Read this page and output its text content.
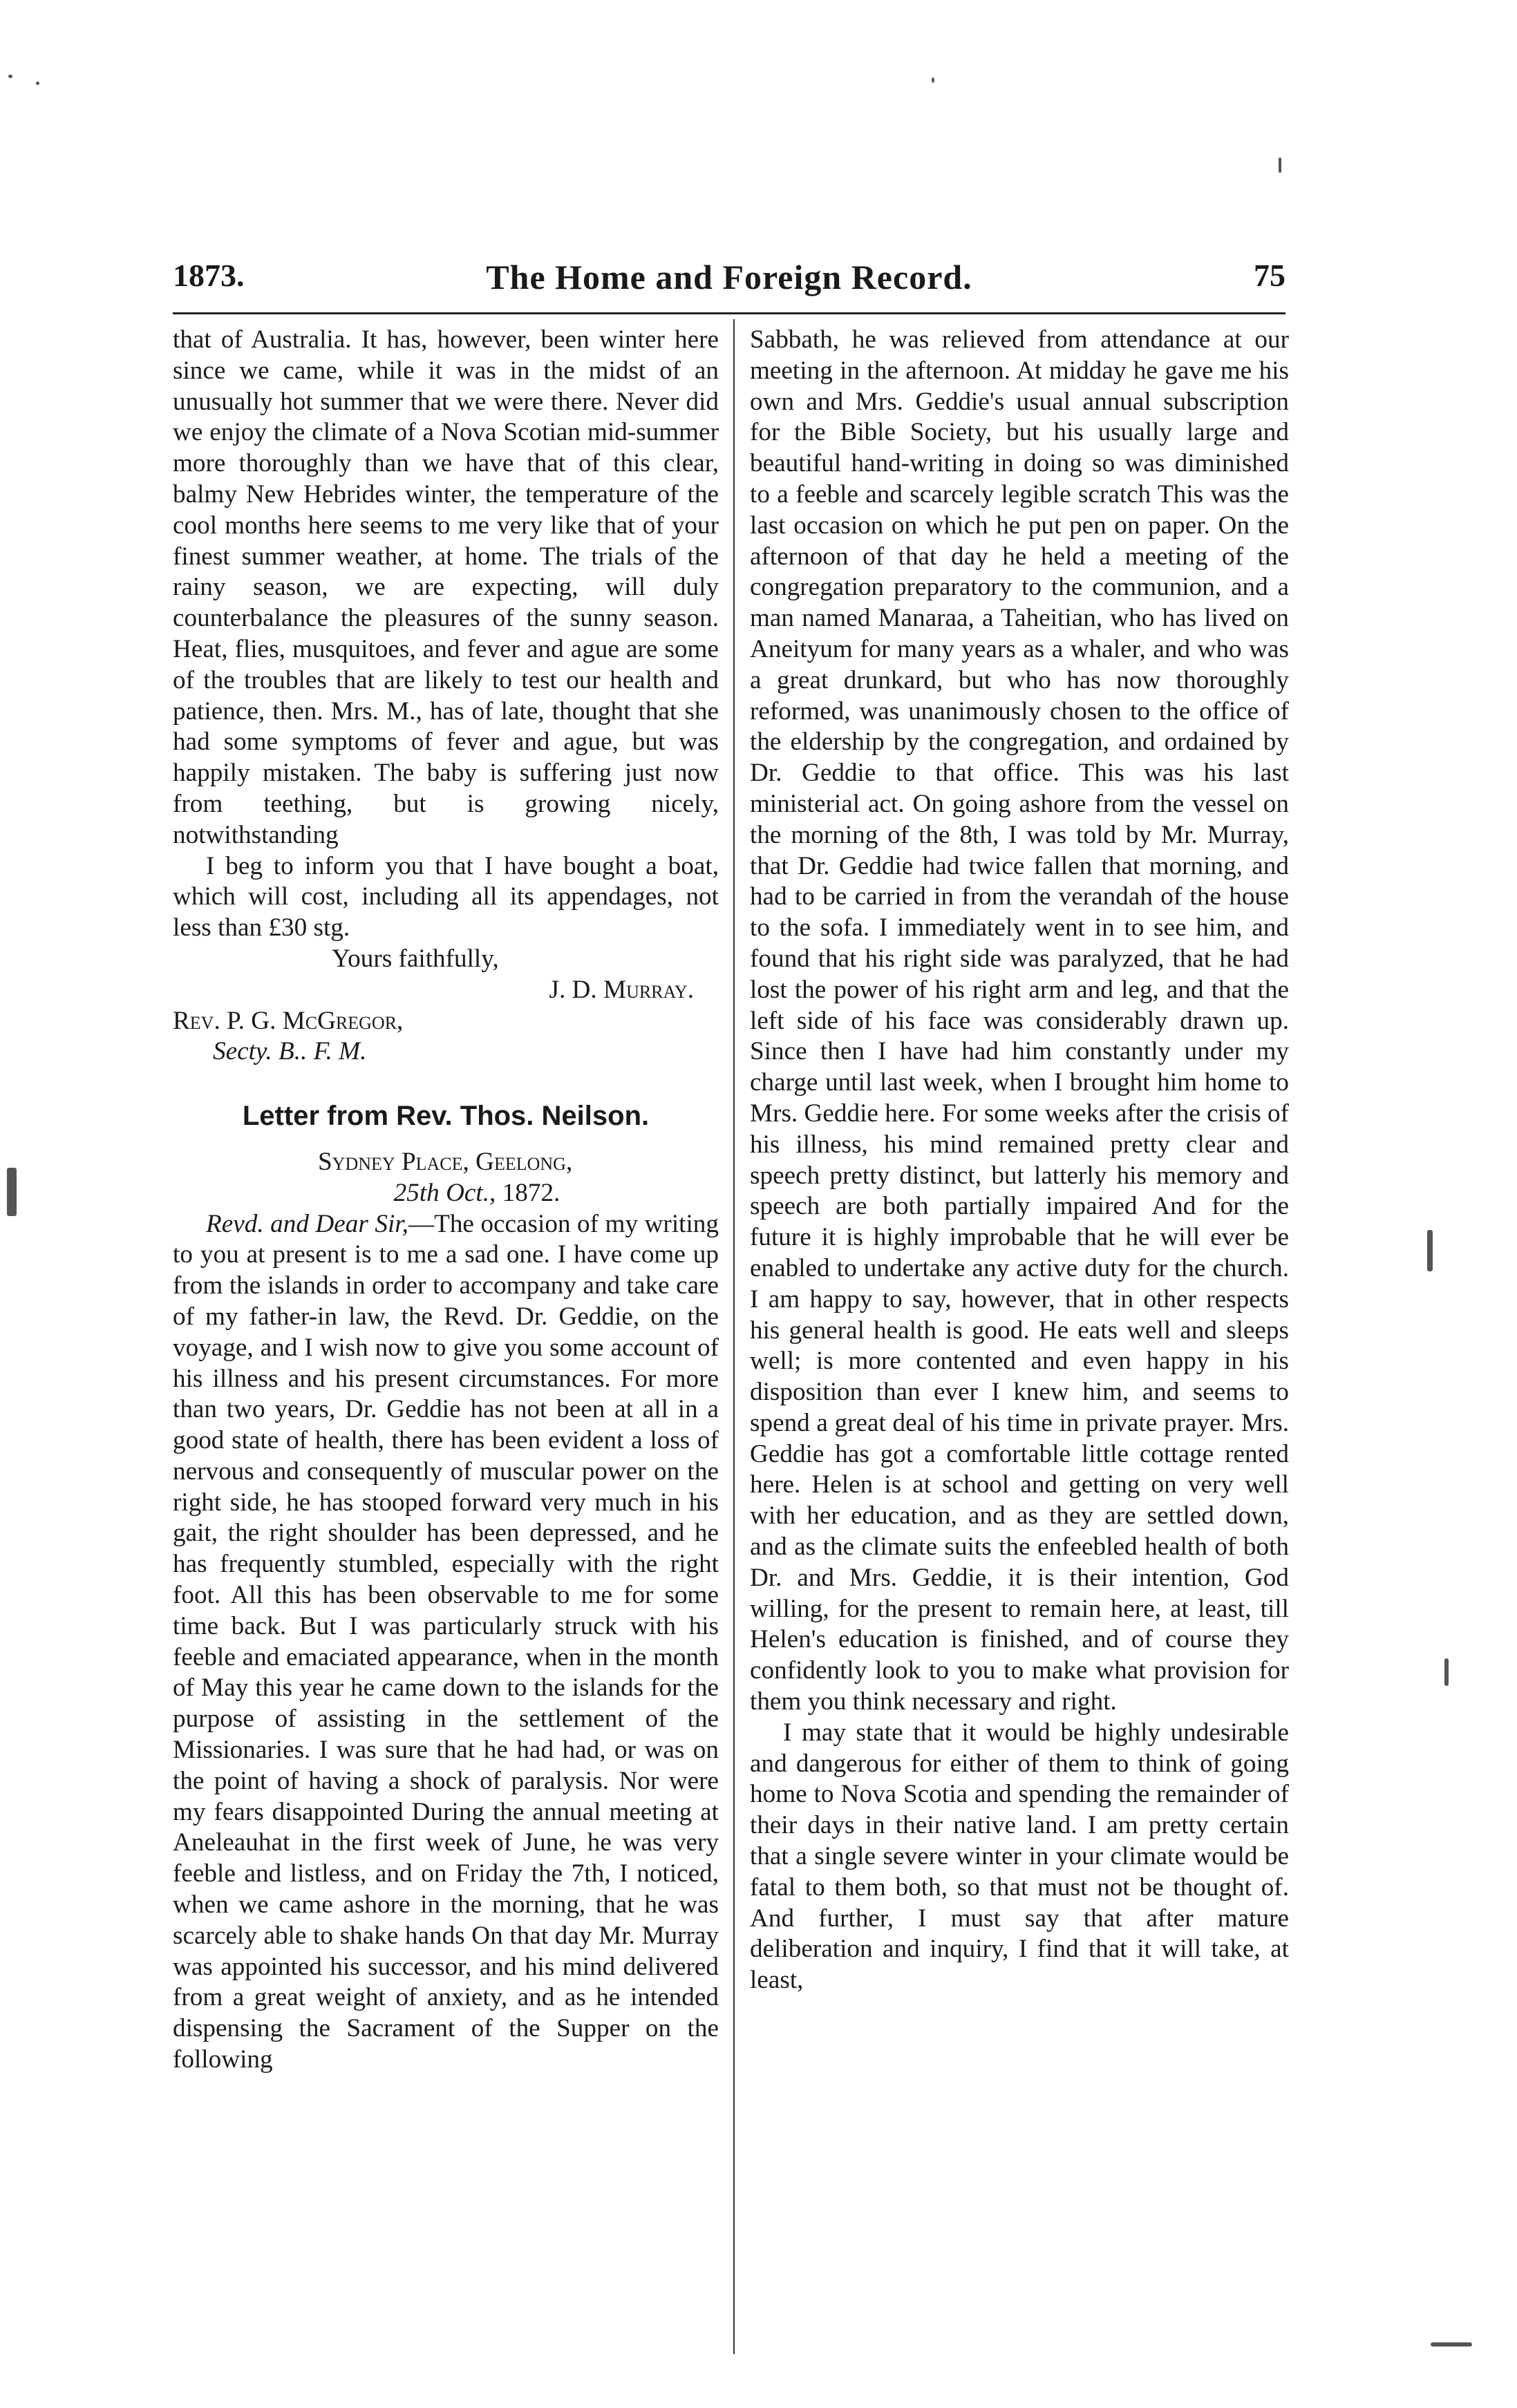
1873.	The Home and Foreign Record.	75

that of Australia. It has, however, been winter here since we came, while it was in the midst of an unusually hot summer that we were there. Never did we enjoy the climate of a Nova Scotian mid-summer more thoroughly than we have that of this clear, balmy New Hebrides winter, the temperature of the cool months here seems to me very like that of your finest summer weather, at home. The trials of the rainy season, we are expecting, will duly counterbalance the pleasures of the sunny season. Heat, flies, musquitoes, and fever and ague are some of the troubles that are likely to test our health and patience, then. Mrs. M., has of late, thought that she had some symptoms of fever and ague, but was happily mistaken. The baby is suffering just now from teething, but is growing nicely, notwithstanding

I beg to inform you that I have bought a boat, which will cost, including all its appendages, not less than £30 stg.

Yours faithfully,

J. D. Murray.

Rev. P. G. McGregor,

Secty. B.. F. M.

Letter from Rev. Thos. Neilson.

Sydney Place, Geelong,

25th Oct., 1872.

Revd. and Dear Sir,—The occasion of my writing to you at present is to me a sad one. I have come up from the islands in order to accompany and take care of my father-in law, the Revd. Dr. Geddie, on the voyage, and I wish now to give you some account of his illness and his present circumstances. For more than two years, Dr. Geddie has not been at all in a good state of health, there has been evident a loss of nervous and consequently of muscular power on the right side, he has stooped forward very much in his gait, the right shoulder has been depressed, and he has frequently stumbled, especially with the right foot. All this has been observable to me for some time back. But I was particularly struck with his feeble and emaciated appearance, when in the month of May this year he came down to the islands for the purpose of assisting in the settlement of the Missionaries. I was sure that he had had, or was on the point of having a shock of paralysis. Nor were my fears disappointed During the annual meeting at Aneleauhat in the first week of June, he was very feeble and listless, and on Friday the 7th, I noticed, when we came ashore in the morning, that he was scarcely able to shake hands On that day Mr. Murray was appointed his successor, and his mind delivered from a great weight of anxiety, and as he intended dispensing the Sacrament of the Supper on the following

Sabbath, he was relieved from attendance at our meeting in the afternoon. At midday he gave me his own and Mrs. Geddie's usual annual subscription for the Bible Society, but his usually large and beautiful hand-writing in doing so was diminished to a feeble and scarcely legible scratch This was the last occasion on which he put pen on paper. On the afternoon of that day he held a meeting of the congregation preparatory to the communion, and a man named Manaraa, a Taheitian, who has lived on Aneityum for many years as a whaler, and who was a great drunkard, but who has now thoroughly reformed, was unanimously chosen to the office of the eldership by the congregation, and ordained by Dr. Geddie to that office. This was his last ministerial act. On going ashore from the vessel on the morning of the 8th, I was told by Mr. Murray, that Dr. Geddie had twice fallen that morning, and had to be carried in from the verandah of the house to the sofa. I immediately went in to see him, and found that his right side was paralyzed, that he had lost the power of his right arm and leg, and that the left side of his face was considerably drawn up. Since then I have had him constantly under my charge until last week, when I brought him home to Mrs. Geddie here. For some weeks after the crisis of his illness, his mind remained pretty clear and speech pretty distinct, but latterly his memory and speech are both partially impaired And for the future it is highly improbable that he will ever be enabled to undertake any active duty for the church. I am happy to say, however, that in other respects his general health is good. He eats well and sleeps well; is more contented and even happy in his disposition than ever I knew him, and seems to spend a great deal of his time in private prayer. Mrs. Geddie has got a comfortable little cottage rented here. Helen is at school and getting on very well with her education, and as they are settled down, and as the climate suits the enfeebled health of both Dr. and Mrs. Geddie, it is their intention, God willing, for the present to remain here, at least, till Helen's education is finished, and of course they confidently look to you to make what provision for them you think necessary and right.

I may state that it would be highly undesirable and dangerous for either of them to think of going home to Nova Scotia and spending the remainder of their days in their native land. I am pretty certain that a single severe winter in your climate would be fatal to them both, so that must not be thought of. And further, I must say that after mature deliberation and inquiry, I find that it will take, at least,
